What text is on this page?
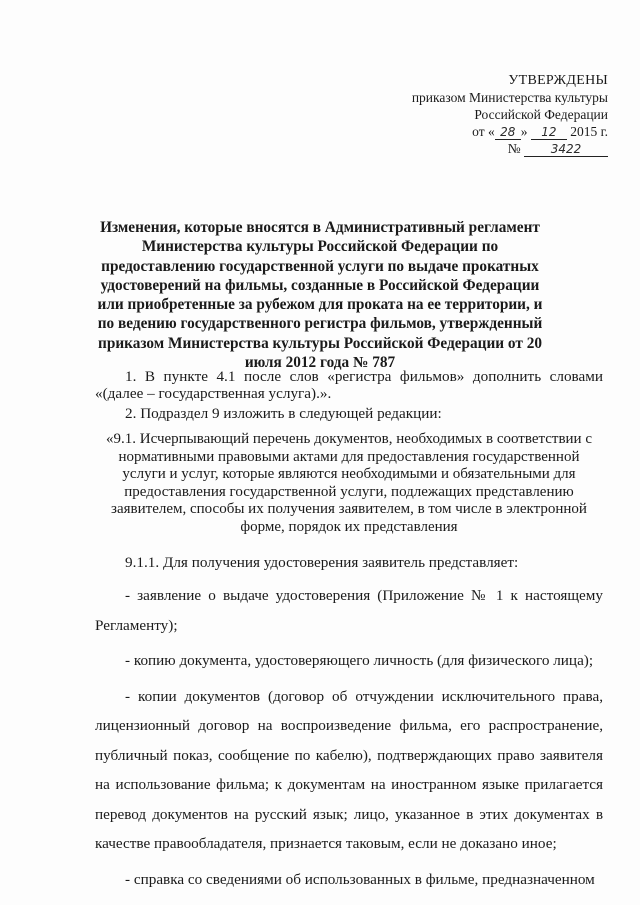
УТВЕРЖДЕНЫ
приказом Министерства культуры
Российской Федерации
от « 28 » 12 2015 г.
№	3422
Изменения, которые вносятся в Административный регламент Министерства культуры Российской Федерации по предоставлению государственной услуги по выдаче прокатных удостоверений на фильмы, созданные в Российской Федерации или приобретенные за рубежом для проката на ее территории, и по ведению государственного регистра фильмов, утвержденный приказом Министерства культуры Российской Федерации от 20 июля 2012 года № 787

1. В пункте 4.1 после слов «регистра фильмов» дополнить словами «(далее – государственная услуга).».

2. Подраздел 9 изложить в следующей редакции:

«9.1. Исчерпывающий перечень документов, необходимых в соответствии с нормативными правовыми актами для предоставления государственной услуги и услуг, которые являются необходимыми и обязательными для предоставления государственной услуги, подлежащих представлению заявителем, способы их получения заявителем, в том числе в электронной форме, порядок их представления

9.1.1. Для получения удостоверения заявитель представляет:

- заявление о выдаче удостоверения (Приложение № 1 к настоящему Регламенту);

- копию документа, удостоверяющего личность (для физического лица);

- копии документов (договор об отчуждении исключительного права, лицензионный договор на воспроизведение фильма, его распространение, публичный показ, сообщение по кабелю), подтверждающих право заявителя на использование фильма; к документам на иностранном языке прилагается перевод документов на русский язык; лицо, указанное в этих документах в качестве правообладателя, признается таковым, если не доказано иное;

- справка со сведениями об использованных в фильме, предназначенном
